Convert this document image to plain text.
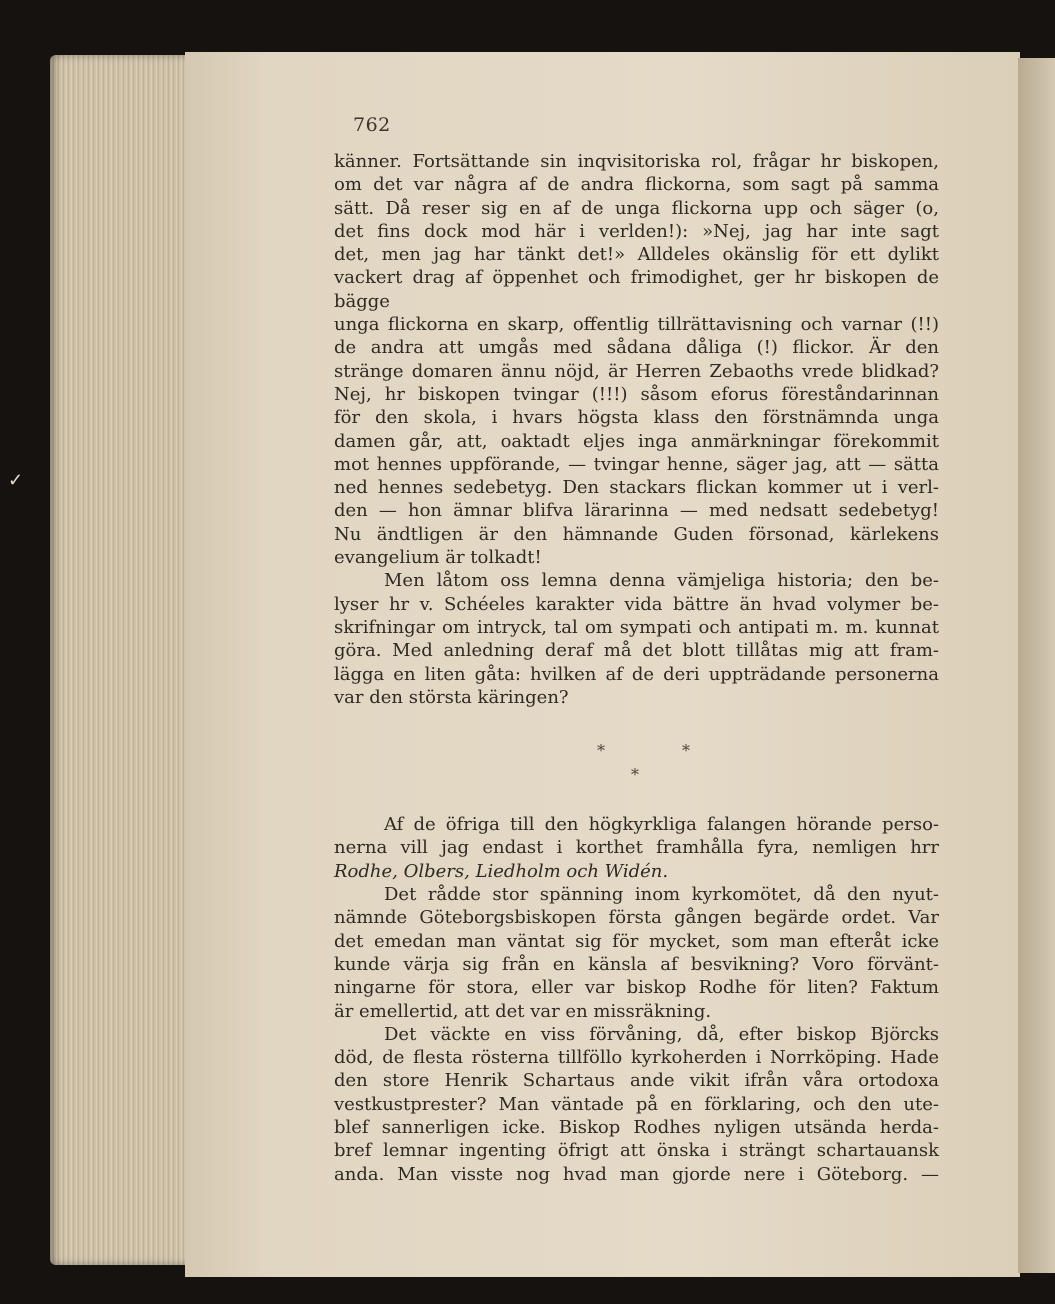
✓
762

känner. Fortsättande sin inqvisitoriska rol, frågar hr biskopen,

om det var några af de andra flickorna, som sagt på samma

sätt. Då reser sig en af de unga flickorna upp och säger (o,

det fins dock mod här i verlden!): »Nej, jag har inte sagt

det, men jag har tänkt det!» Alldeles okänslig för ett dylikt

vackert drag af öppenhet och frimodighet, ger hr biskopen de bägge

unga flickorna en skarp, offentlig tillrättavisning och varnar (!!)

de andra att umgås med sådana dåliga (!) flickor. Är den

stränge domaren ännu nöjd, är Herren Zebaoths vrede blidkad?

Nej, hr biskopen tvingar (!!!) såsom eforus föreståndarinnan

för den skola, i hvars högsta klass den förstnämnda unga

damen går, att, oaktadt eljes inga anmärkningar förekommit

mot hennes uppförande, — tvingar henne, säger jag, att — sätta

ned hennes sedebetyg. Den stackars flickan kommer ut i verl-

den — hon ämnar blifva lärarinna — med nedsatt sedebetyg!

Nu ändtligen är den hämnande Guden försonad, kärlekens

evangelium är tolkadt!

Men låtom oss lemna denna vämjeliga historia; den be-

lyser hr v. Schéeles karakter vida bättre än hvad volymer be-

skrifningar om intryck, tal om sympati och antipati m. m. kunnat

göra. Med anledning deraf må det blott tillåtas mig att fram-

lägga en liten gåta: hvilken af de deri uppträdande personerna

var den största käringen?

*	*
*

Af de öfriga till den högkyrkliga falangen hörande perso-

nerna vill jag endast i korthet framhålla fyra, nemligen hrr

Rodhe, Olbers, Liedholm och Widén.

Det rådde stor spänning inom kyrkomötet, då den nyut-

nämnde Göteborgsbiskopen första gången begärde ordet. Var

det emedan man väntat sig för mycket, som man efteråt icke

kunde värja sig från en känsla af besvikning? Voro förvänt-

ningarne för stora, eller var biskop Rodhe för liten? Faktum

är emellertid, att det var en missräkning.

Det väckte en viss förvåning, då, efter biskop Björcks

död, de flesta rösterna tillföllo kyrkoherden i Norrköping. Hade

den store Henrik Schartaus ande vikit ifrån våra ortodoxa

vestkustprester? Man väntade på en förklaring, och den ute-

blef sannerligen icke. Biskop Rodhes nyligen utsända herda-

bref lemnar ingenting öfrigt att önska i strängt schartauansk

anda. Man visste nog hvad man gjorde nere i Göteborg. —
